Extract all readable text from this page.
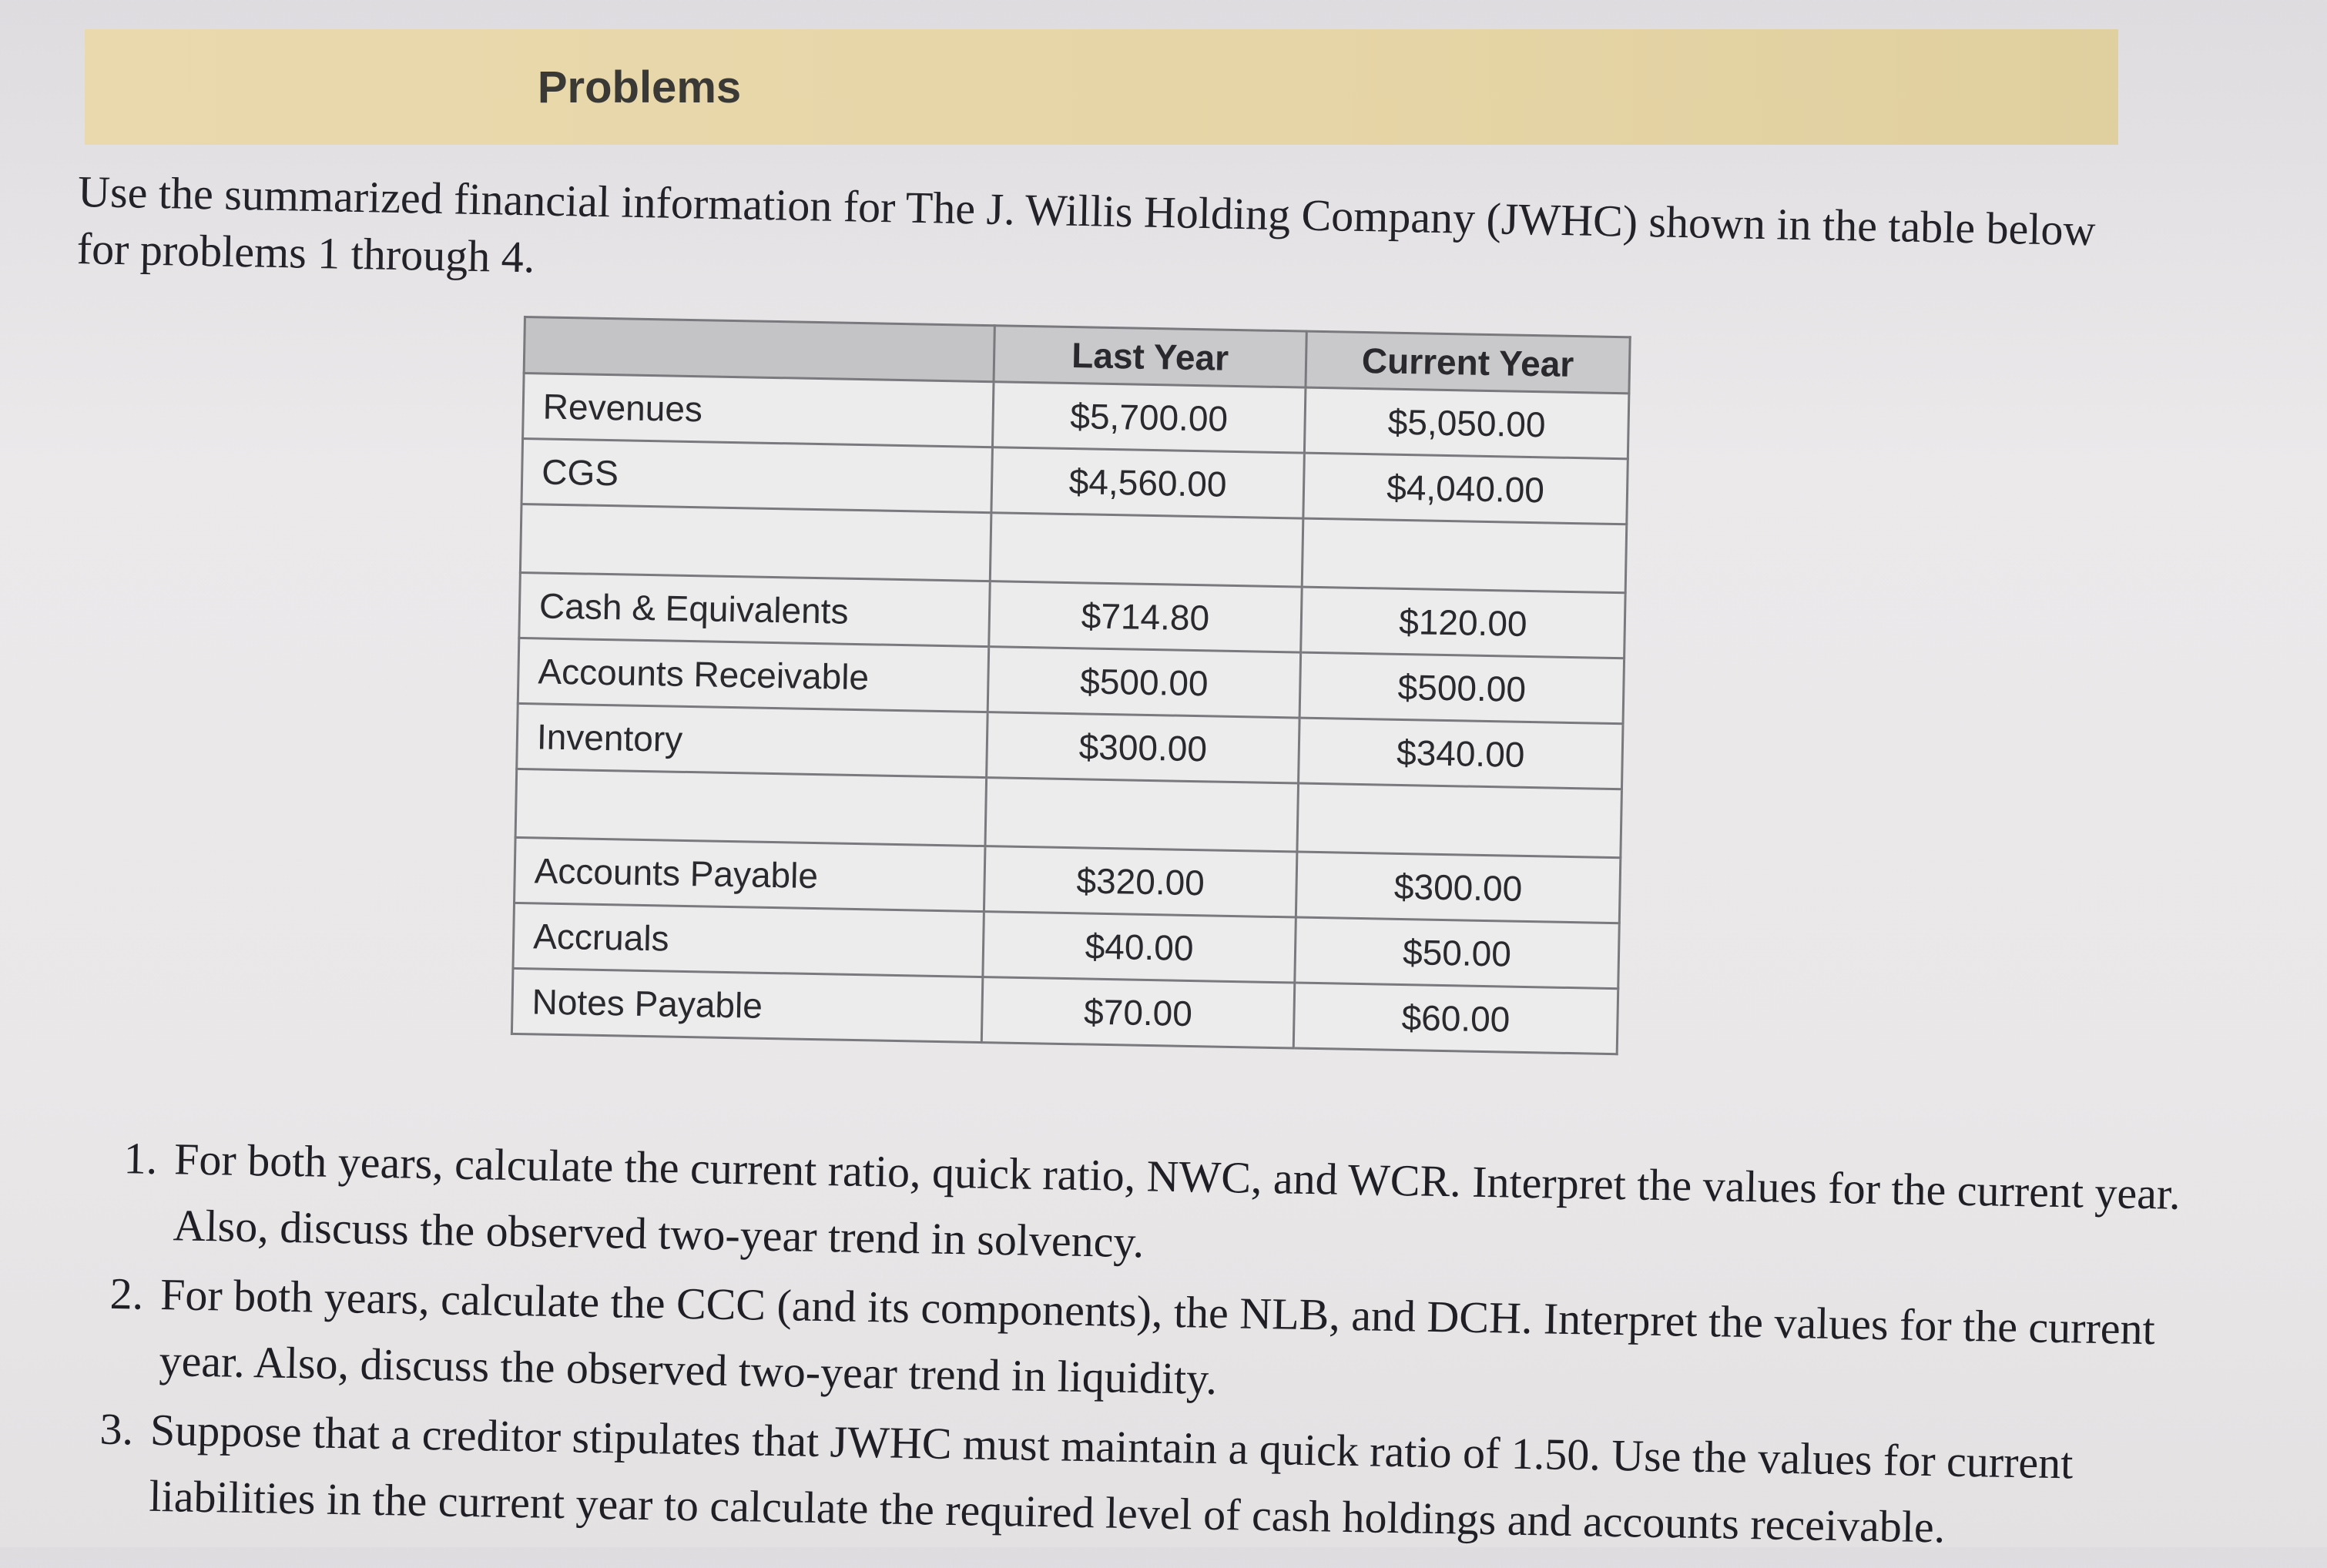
Problems
Use the summarized financial information for The J. Willis Holding Company (JWHC) shown in the table below for problems 1 through 4.
	Last Year	Current Year
Revenues	$5,700.00	$5,050.00
CGS	$4,560.00	$4,040.00

Cash & Equivalents	$714.80	$120.00
Accounts Receivable	$500.00	$500.00
Inventory	$300.00	$340.00

Accounts Payable	$320.00	$300.00
Accruals	$40.00	$50.00
Notes Payable	$70.00	$60.00
1. For both years, calculate the current ratio, quick ratio, NWC, and WCR. Interpret the values for the current year. Also, discuss the observed two-year trend in solvency.
2. For both years, calculate the CCC (and its components), the NLB, and DCH. Interpret the values for the current year. Also, discuss the observed two-year trend in liquidity.
3. Suppose that a creditor stipulates that JWHC must maintain a quick ratio of 1.50. Use the values for current liabilities in the current year to calculate the required level of cash holdings and accounts receivable.
